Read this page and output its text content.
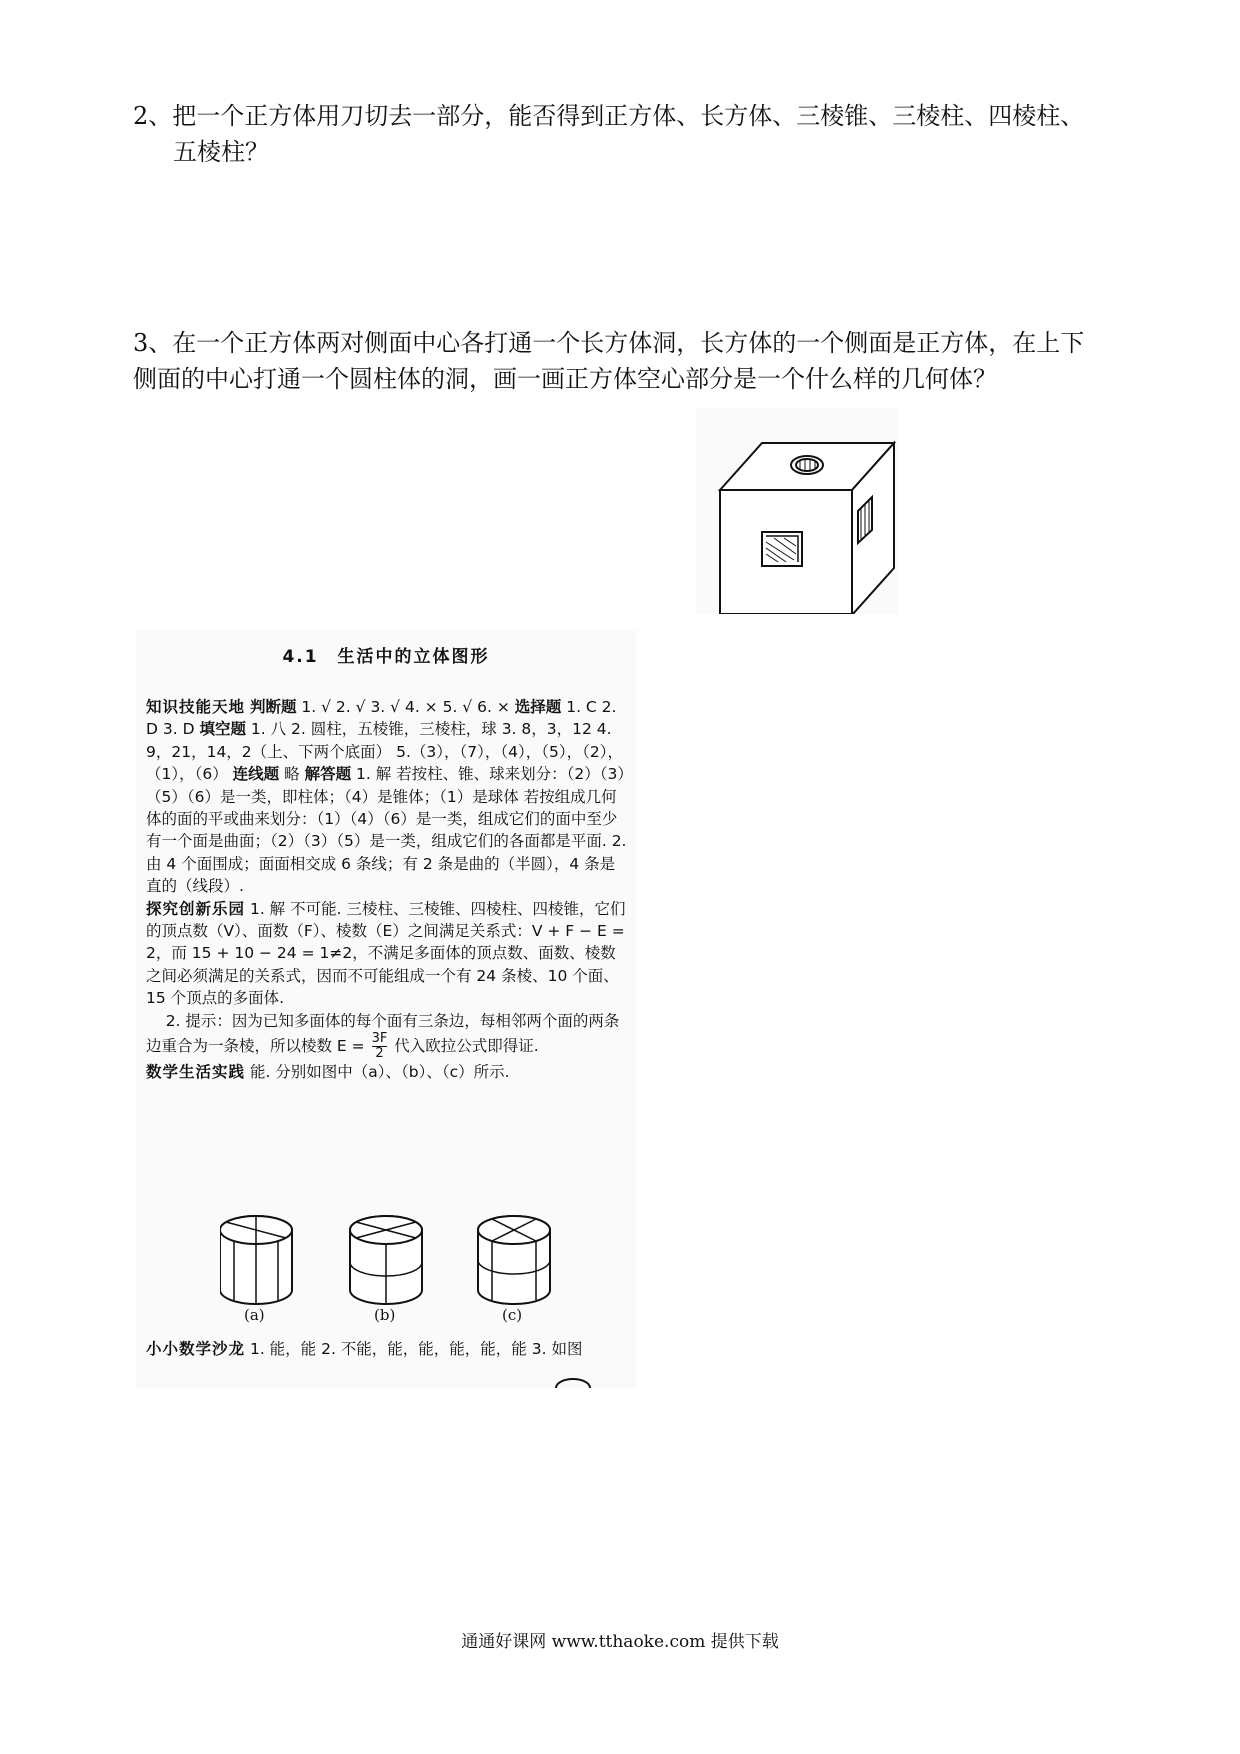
2、把一个正方体用刀切去一部分，能否得到正方体、长方体、三棱锥、三棱柱、四棱柱、
五棱柱？
3、在一个正方体两对侧面中心各打通一个长方体洞，长方体的一个侧面是正方体，在上下
侧面的中心打通一个圆柱体的洞，画一画正方体空心部分是一个什么样的几何体？
4.1　生活中的立体图形
知识技能天地 判断题 1. √ 2. √ 3. √ 4. × 5. √ 6. × 选择题 1. C 2. D 3. D 填空题 1. 八 2. 圆柱，五棱锥，三棱柱，球 3. 8，3，12 4. 9，21，14，2（上、下两个底面） 5.（3），（7），（4），（5），（2），（1），（6） 连线题 略 解答题 1. 解 若按柱、锥、球来划分：（2）（3）（5）（6）是一类，即柱体；（4）是锥体；（1）是球体 若按组成几何体的面的平或曲来划分：（1）（4）（6）是一类，组成它们的面中至少有一个面是曲面；（2）（3）（5）是一类，组成它们的各面都是平面. 2. 由 4 个面围成；面面相交成 6 条线；有 2 条是曲的（半圆），4 条是直的（线段）.
探究创新乐园 1. 解 不可能. 三棱柱、三棱锥、四棱柱、四棱锥，它们的顶点数（V）、面数（F）、棱数（E）之间满足关系式：V + F − E = 2，而 15 + 10 − 24 = 1≠2，不满足多面体的顶点数、面数、棱数之间必须满足的关系式，因而不可能组成一个有 24 条棱、10 个面、15 个顶点的多面体.
2. 提示：因为已知多面体的每个面有三条边，每相邻两个面的两条边重合为一条棱，所以棱数 $E = \frac{3F}{2}$ 代入欧拉公式即得证.
数学生活实践 能. 分别如图中（a）、（b）、（c）所示.
(a)	(b)	(c)
小小数学沙龙 1. 能，能 2. 不能，能，能，能，能，能 3. 如图
通通好课网 www.tthaoke.com 提供下载
